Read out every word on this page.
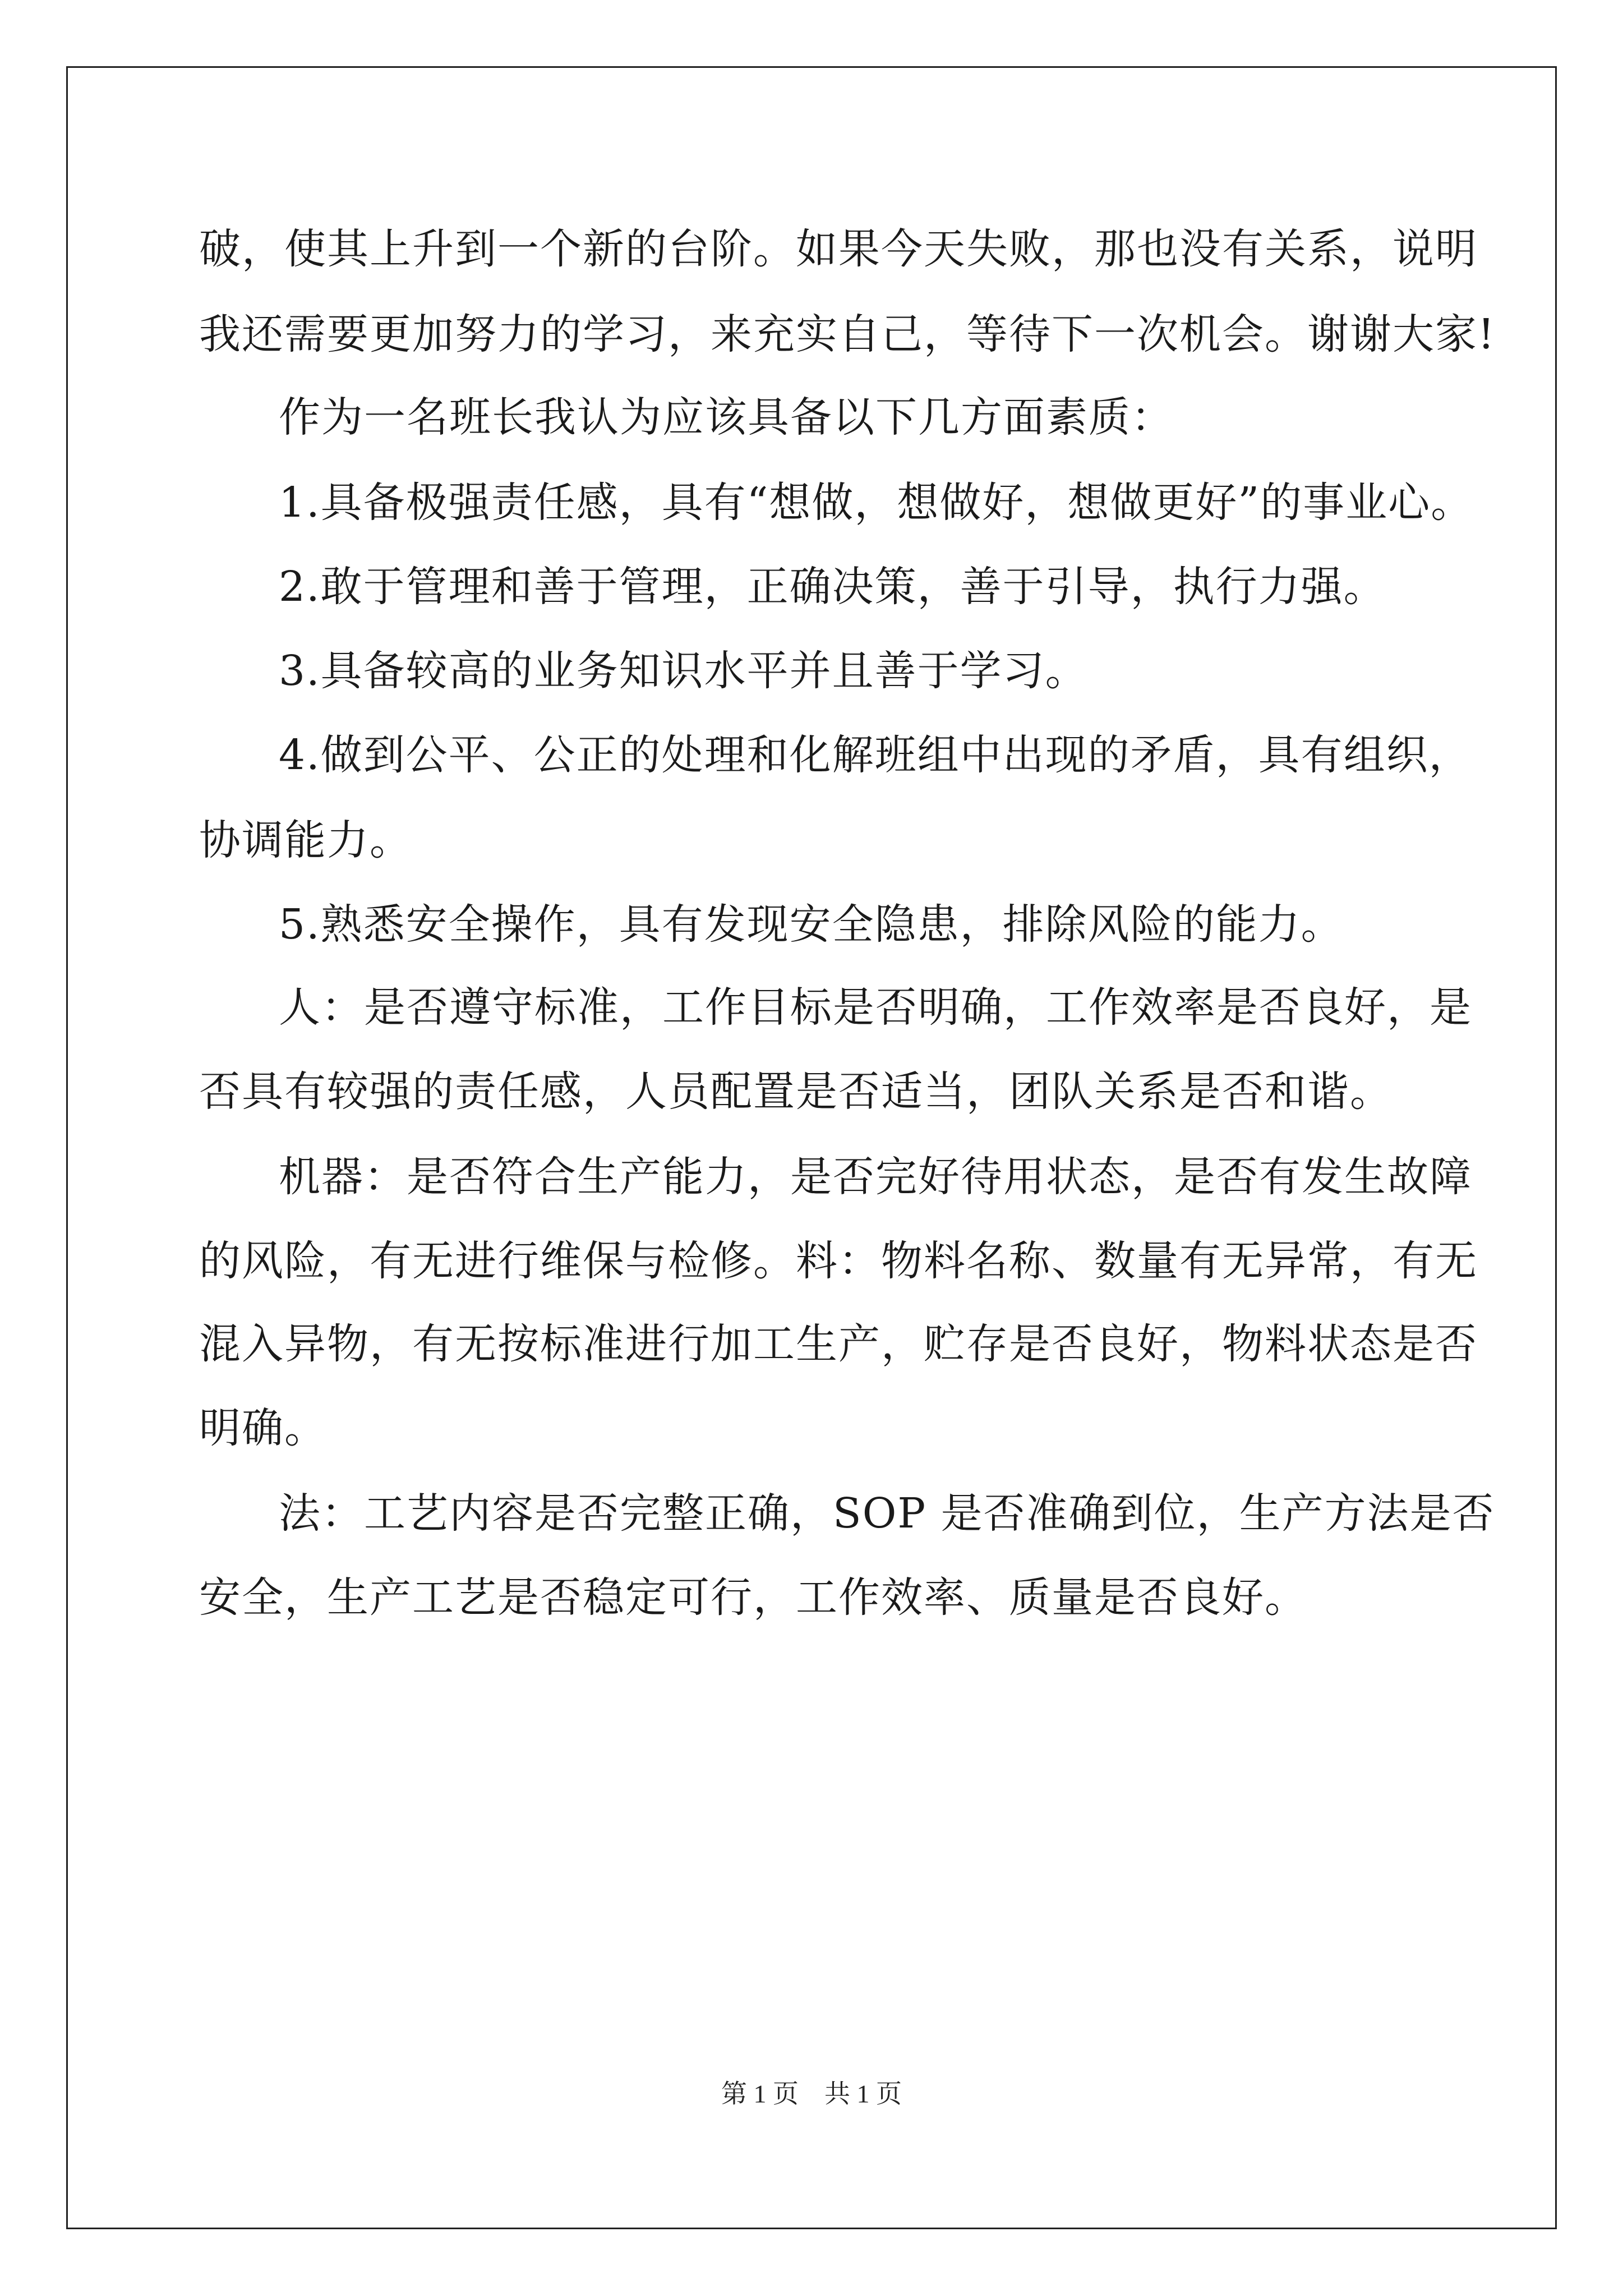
破，使其上升到一个新的台阶。如果今天失败，那也没有关系，说明
我还需要更加努力的学习，来充实自己，等待下一次机会。谢谢大家!
作为一名班长我认为应该具备以下几方面素质：
1.具备极强责任感，具有“想做，想做好，想做更好”的事业心。
2.敢于管理和善于管理，正确决策，善于引导，执行力强。
3.具备较高的业务知识水平并且善于学习。
4.做到公平、公正的处理和化解班组中出现的矛盾，具有组织，
协调能力。
5.熟悉安全操作，具有发现安全隐患，排除风险的能力。
人：是否遵守标准，工作目标是否明确，工作效率是否良好，是
否具有较强的责任感，人员配置是否适当，团队关系是否和谐。
机器：是否符合生产能力，是否完好待用状态，是否有发生故障
的风险，有无进行维保与检修。料：物料名称、数量有无异常，有无
混入异物，有无按标准进行加工生产，贮存是否良好，物料状态是否
明确。
法：工艺内容是否完整正确，SOP 是否准确到位，生产方法是否
安全，生产工艺是否稳定可行，工作效率、质量是否良好。
第 1 页　共 1 页
